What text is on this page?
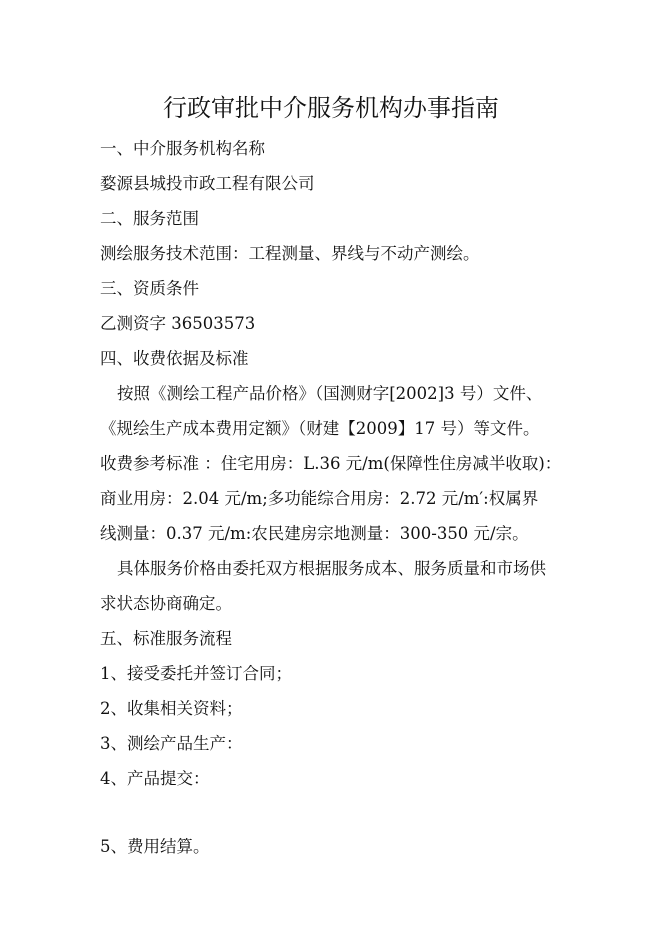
行政审批中介服务机构办事指南
一、中介服务机构名称
婺源县城投市政工程有限公司
二、服务范围
测绘服务技术范围：工程测量、界线与不动产测绘。
三、资质条件
乙测资字 36503573
四、收费依据及标准
按照《测绘工程产品价格》（国测财字[2002]3 号）文件、
《规绘生产成本费用定额》（财建【2009】17 号）等文件。
收费参考标准 ：住宅用房：L.36 元/m(保障性住房减半收取)：
商业用房：2.04 元/m;多功能综合用房：2.72 元/m′:权属界
线测量：0.37 元/m:农民建房宗地测量：300-350 元/宗。
具体服务价格由委托双方根据服务成本、服务质量和市场供
求状态协商确定。
五、标准服务流程
1、接受委托并签订合同；
2、收集相关资料；
3、测绘产品生产：
4、产品提交：
5、费用结算。
